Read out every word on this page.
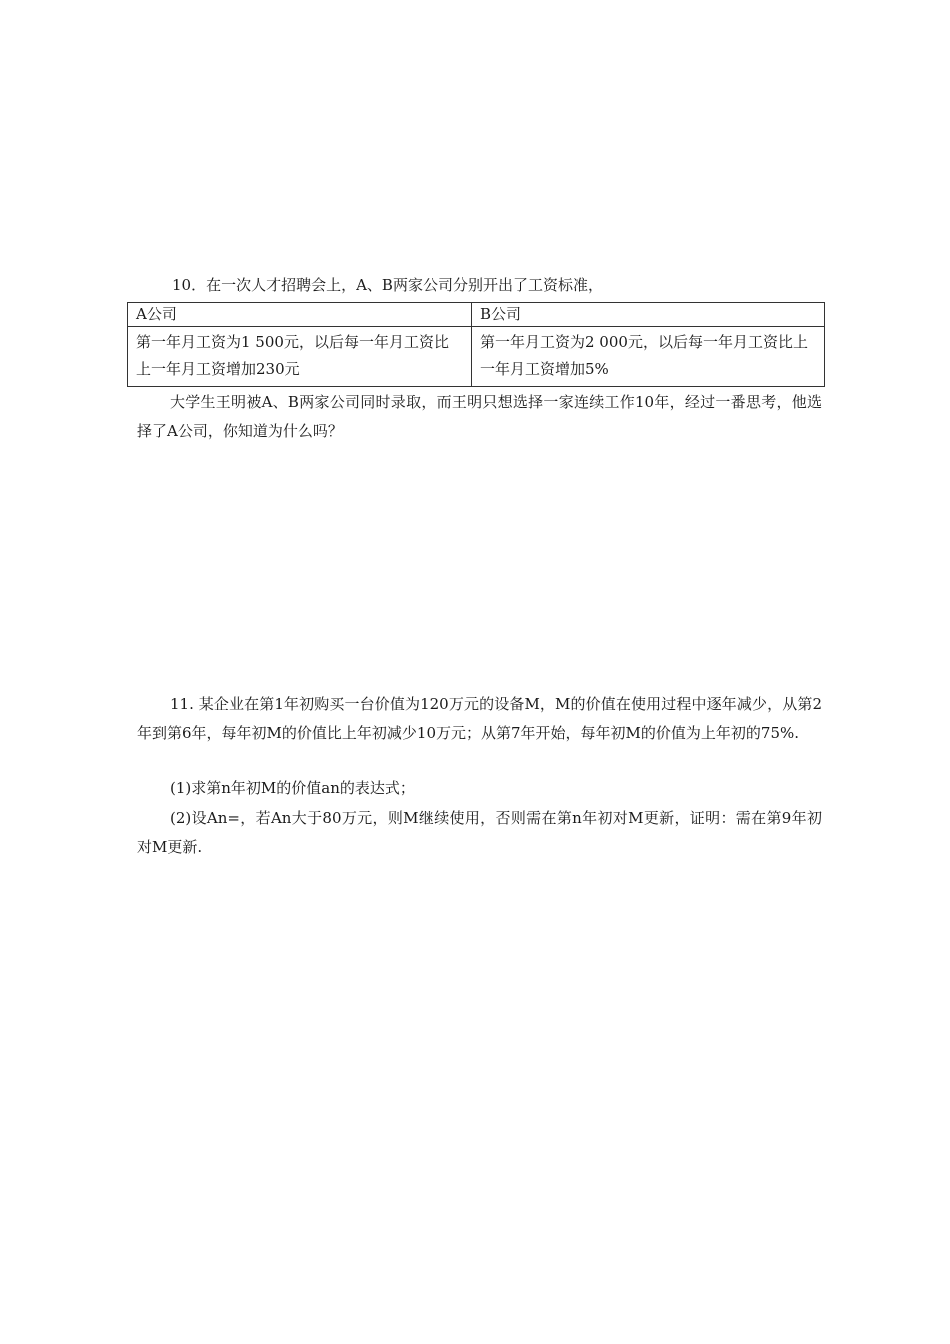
10．在一次人才招聘会上，A、B两家公司分别开出了工资标准，
A公司	B公司
第一年月工资为1 500元，以后每一年月工资比上一年月工资增加230元	第一年月工资为2 000元，以后每一年月工资比上一年月工资增加5%
大学生王明被A、B两家公司同时录取，而王明只想选择一家连续工作10年，经过一番思考，他选择了A公司，你知道为什么吗？
11. 某企业在第1年初购买一台价值为120万元的设备M，M的价值在使用过程中逐年减少，从第2年到第6年，每年初M的价值比上年初减少10万元；从第7年开始，每年初M的价值为上年初的75%.
(1)求第n年初M的价值an的表达式；
(2)设An=，若An大于80万元，则M继续使用，否则需在第n年初对M更新，证明：需在第9年初对M更新.
